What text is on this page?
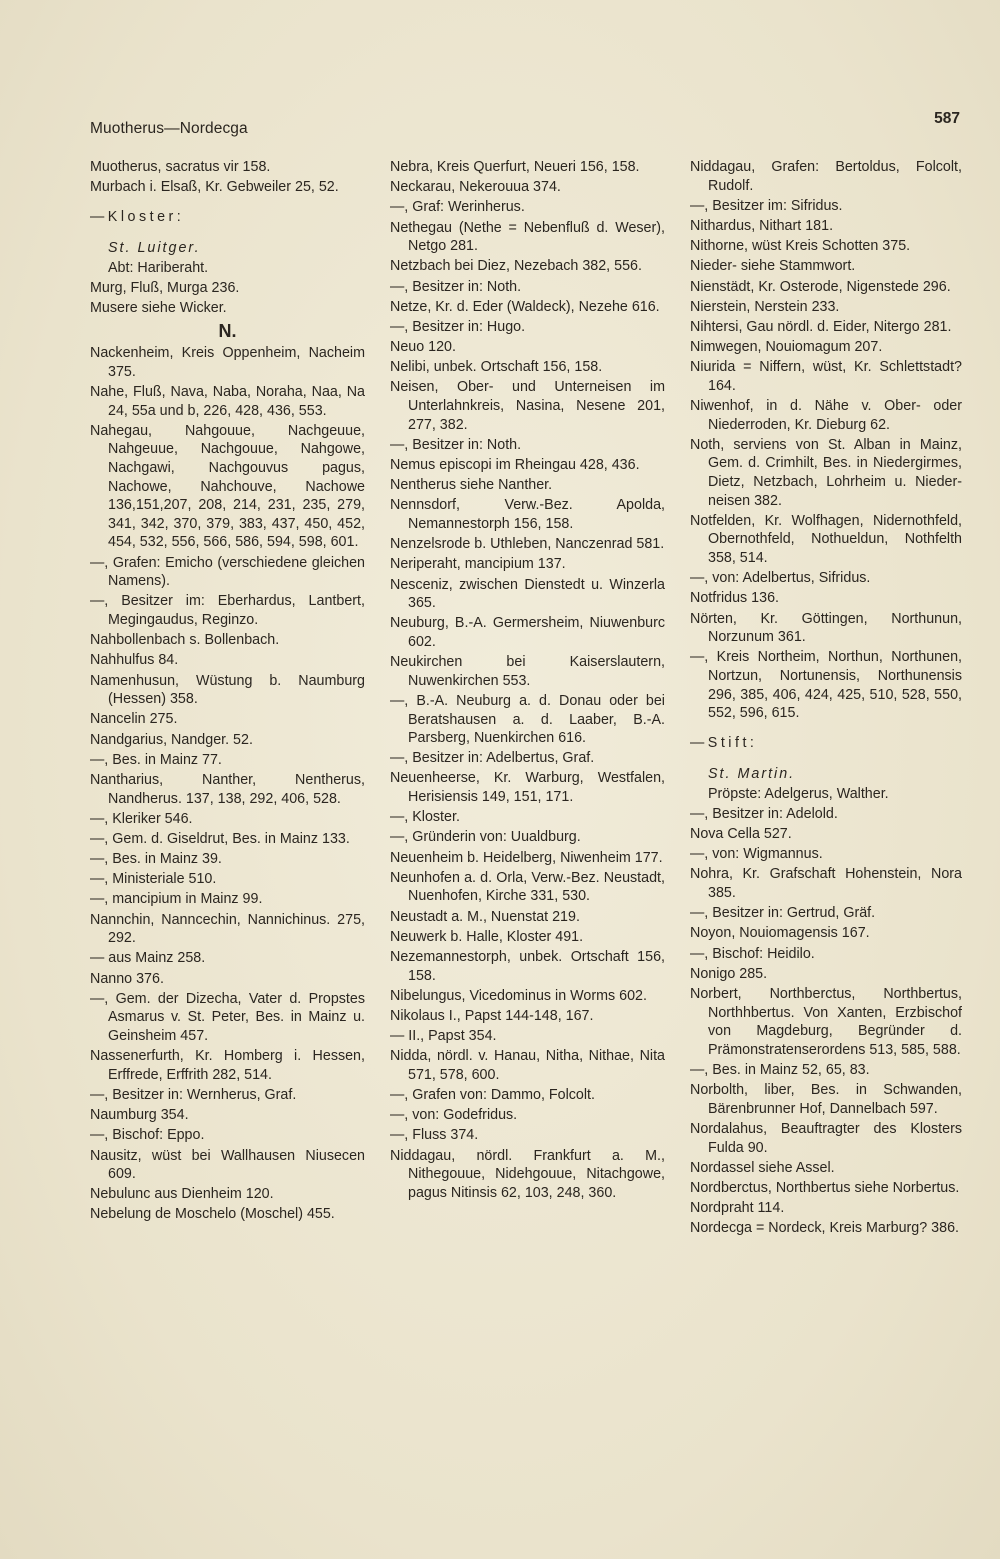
Muotherus—Nordecga
587

Muotherus, sacratus vir 158.

Murbach i. Elsaß, Kr. Gebweiler 25, 52.

—Kloster:

St. Luitger.

Abt: Hariberaht.

Murg, Fluß, Murga 236.

Musere siehe Wicker.

N.

Nackenheim, Kreis Oppenheim, Nacheim 375.

Nahe, Fluß, Nava, Naba, Noraha, Naa, Na 24, 55a und b, 226, 428, 436, 553.

Nahegau, Nahgouue, Nachgeuue, Nahgeuue, Nachgouue, Nahgowe, Nachgawi, Nachgouvus pagus, Nachowe, Nahchouve, Nachowe 136,151,207, 208, 214, 231, 235, 279, 341, 342, 370, 379, 383, 437, 450, 452, 454, 532, 556, 566, 586, 594, 598, 601.

—, Grafen: Emicho (verschiedene gleichen Namens).

—, Besitzer im: Eberhardus, Lantbert, Megingaudus, Reginzo.

Nahbollenbach s. Bollenbach.

Nahhulfus 84.

Namenhusun, Wüstung b. Naumburg (Hessen) 358.

Nancelin 275.

Nandgarius, Nandger. 52.

—, Bes. in Mainz 77.

Nantharius, Nanther, Nentherus, Nandherus. 137, 138, 292, 406, 528.

—, Kleriker 546.

—, Gem. d. Giseldrut, Bes. in Mainz 133.

—, Bes. in Mainz 39.

—, Ministeriale 510.

—, mancipium in Mainz 99.

Nannchin, Nanncechin, Nannichinus. 275, 292.

— aus Mainz 258.

Nanno 376.

—, Gem. der Dizecha, Vater d. Propstes Asmarus v. St. Peter, Bes. in Mainz u. Geinsheim 457.

Nassenerfurth, Kr. Homberg i. Hessen, Erffrede, Erffrith 282, 514.

—, Besitzer in: Wernherus, Graf.

Naumburg 354.

—, Bischof: Eppo.

Nausitz, wüst bei Wallhausen Niusecen 609.

Nebulunc aus Dienheim 120.

Nebelung de Moschelo (Moschel) 455.

Nebra, Kreis Querfurt, Neueri 156, 158.

Neckarau, Nekerouua 374.

—, Graf: Werinherus.

Nethegau (Nethe = Nebenfluß d. Weser), Netgo 281.

Netzbach bei Diez, Nezebach 382, 556.

—, Besitzer in: Noth.

Netze, Kr. d. Eder (Waldeck), Nezehe 616.

—, Besitzer in: Hugo.

Neuo 120.

Nelibi, unbek. Ortschaft 156, 158.

Neisen, Ober- und Unterneisen im Unterlahnkreis, Nasina, Nesene 201, 277, 382.

—, Besitzer in: Noth.

Nemus episcopi im Rheingau 428, 436.

Nentherus siehe Nanther.

Nennsdorf, Verw.-Bez. Apolda, Nemannestorph 156, 158.

Nenzelsrode b. Uthleben, Nanczenrad 581.

Neriperaht, mancipium 137.

Nesceniz, zwischen Dienstedt u. Winzerla 365.

Neuburg, B.-A. Germersheim, Niuwenburc 602.

Neukirchen bei Kaiserslautern, Nuwenkirchen 553.

—, B.-A. Neuburg a. d. Donau oder bei Beratshausen a. d. Laaber, B.-A. Parsberg, Nuenkirchen 616.

—, Besitzer in: Adelbertus, Graf.

Neuenheerse, Kr. Warburg, Westfalen, Herisiensis 149, 151, 171.

—, Kloster.

—, Gründerin von: Uualdburg.

Neuenheim b. Heidelberg, Niwenheim 177.

Neunhofen a. d. Orla, Verw.-Bez. Neustadt, Nuenhofen, Kirche 331, 530.

Neustadt a. M., Nuenstat 219.

Neuwerk b. Halle, Kloster 491.

Nezemannestorph, unbek. Ortschaft 156, 158.

Nibelungus, Vicedominus in Worms 602.

Nikolaus I., Papst 144-148, 167.

— II., Papst 354.

Nidda, nördl. v. Hanau, Nitha, Nithae, Nita 571, 578, 600.

—, Grafen von: Dammo, Folcolt.

—, von: Godefridus.

—, Fluss 374.

Niddagau, nördl. Frankfurt a. M., Nithegouue, Nidehgouue, Nitachgowe, pagus Nitinsis 62, 103, 248, 360.

Niddagau, Grafen: Bertoldus, Folcolt, Rudolf.

—, Besitzer im: Sifridus.

Nithardus, Nithart 181.

Nithorne, wüst Kreis Schotten 375.

Nieder- siehe Stammwort.

Nienstädt, Kr. Osterode, Nigenstede 296.

Nierstein, Nerstein 233.

Nihtersi, Gau nördl. d. Eider, Nitergo 281.

Nimwegen, Nouiomagum 207.

Niurida = Niffern, wüst, Kr. Schlettstadt? 164.

Niwenhof, in d. Nähe v. Ober- oder Niederroden, Kr. Dieburg 62.

Noth, serviens von St. Alban in Mainz, Gem. d. Crimhilt, Bes. in Niedergirmes, Dietz, Netzbach, Lohrheim u. Niederneisen 382.

Notfelden, Kr. Wolfhagen, Nidernothfeld, Obernothfeld, Nothueldun, Nothfelth 358, 514.

—, von: Adelbertus, Sifridus.

Notfridus 136.

Nörten, Kr. Göttingen, Northunun, Norzunum 361.

—, Kreis Northeim, Northun, Northunen, Nortzun, Nortunensis, Northunensis 296, 385, 406, 424, 425, 510, 528, 550, 552, 596, 615.

—Stift:

St. Martin.

Pröpste: Adelgerus, Walther.

—, Besitzer in: Adelold.

Nova Cella 527.

—, von: Wigmannus.

Nohra, Kr. Grafschaft Hohenstein, Nora 385.

—, Besitzer in: Gertrud, Gräf.

Noyon, Nouiomagensis 167.

—, Bischof: Heidilo.

Nonigo 285.

Norbert, Northberctus, Northbertus, Northhbertus. Von Xanten, Erzbischof von Magdeburg, Begründer d. Prämonstratenserordens 513, 585, 588.

—, Bes. in Mainz 52, 65, 83.

Norbolth, liber, Bes. in Schwanden, Bärenbrunner Hof, Dannelbach 597.

Nordalahus, Beauftragter des Klosters Fulda 90.

Nordassel siehe Assel.

Nordberctus, Northbertus siehe Norbertus.

Nordpraht 114.

Nordecga = Nordeck, Kreis Marburg? 386.
